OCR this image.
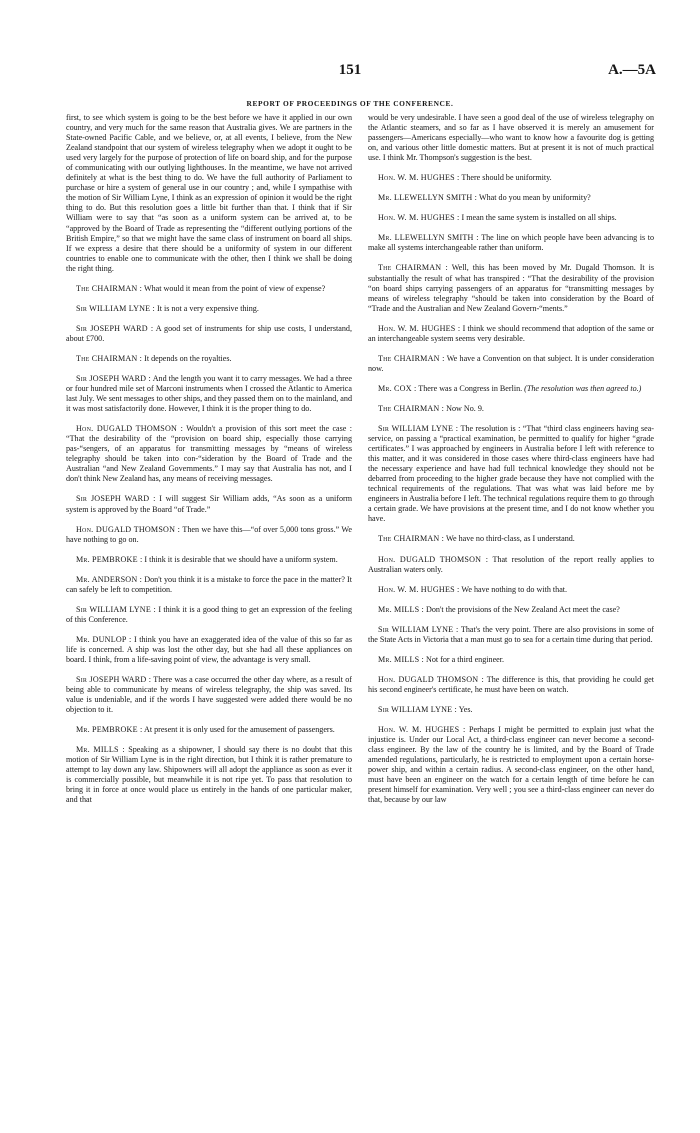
151	A.—5A
REPORT OF PROCEEDINGS OF THE CONFERENCE.

first, to see which system is going to be the best before we have it applied in our own country, and very much for the same reason that Australia gives. We are partners in the State-owned Pacific Cable, and we believe, or, at all events, I believe, from the New Zealand standpoint that our system of wireless telegraphy when we adopt it ought to be used very largely for the purpose of protection of life on board ship, and for the purpose of communicating with our outlying lighthouses. In the meantime, we have not arrived definitely at what is the best thing to do. We have the full authority of Parliament to purchase or hire a system of general use in our country ; and, while I sympathise with the motion of Sir William Lyne, I think as an expression of opinion it would be the right thing to do. But this resolution goes a little bit further than that. I think that if Sir William were to say that “as soon as a uniform system can be arrived at, to be “approved by the Board of Trade as representing the “different outlying portions of the British Empire,” so that we might have the same class of instrument on board all ships. If we express a desire that there should be a uniformity of system in our different countries to enable one to communicate with the other, then I think we shall be doing the right thing.

The CHAIRMAN : What would it mean from the point of view of expense?

Sir WILLIAM LYNE : It is not a very expensive thing.

Sir JOSEPH WARD : A good set of instruments for ship use costs, I understand, about £700.

The CHAIRMAN : It depends on the royalties.

Sir JOSEPH WARD : And the length you want it to carry messages. We had a three or four hundred mile set of Marconi instruments when I crossed the Atlantic to America last July. We sent messages to other ships, and they passed them on to the mainland, and it was most satisfactorily done. However, I think it is the proper thing to do.

Hon. DUGALD THOMSON : Wouldn't a provision of this sort meet the case : “That the desirability of the “provision on board ship, especially those carrying pas-“sengers, of an apparatus for transmitting messages by “means of wireless telegraphy should be taken into con-“sideration by the Board of Trade and the Australian “and New Zealand Governments.” I may say that Australia has not, and I don't think New Zealand has, any means of receiving messages.

Sir JOSEPH WARD : I will suggest Sir William adds, “As soon as a uniform system is approved by the Board “of Trade.”

Hon. DUGALD THOMSON : Then we have this—“of over 5,000 tons gross.” We have nothing to go on.

Mr. PEMBROKE : I think it is desirable that we should have a uniform system.

Mr. ANDERSON : Don't you think it is a mistake to force the pace in the matter? It can safely be left to competition.

Sir WILLIAM LYNE : I think it is a good thing to get an expression of the feeling of this Conference.

Mr. DUNLOP : I think you have an exaggerated idea of the value of this so far as life is concerned. A ship was lost the other day, but she had all these appliances on board. I think, from a life-saving point of view, the advantage is very small.

Sir JOSEPH WARD : There was a case occurred the other day where, as a result of being able to communicate by means of wireless telegraphy, the ship was saved. Its value is undeniable, and if the words I have suggested were added there would be no objection to it.

Mr. PEMBROKE : At present it is only used for the amusement of passengers.

Mr. MILLS : Speaking as a shipowner, I should say there is no doubt that this motion of Sir William Lyne is in the right direction, but I think it is rather premature to attempt to lay down any law. Shipowners will all adopt the appliance as soon as ever it is commercially possible, but meanwhile it is not ripe yet. To pass that resolution to bring it in force at once would place us entirely in the hands of one particular maker, and that

would be very undesirable. I have seen a good deal of the use of wireless telegraphy on the Atlantic steamers, and so far as I have observed it is merely an amusement for passengers—Americans especially—who want to know how a favourite dog is getting on, and various other little domestic matters. But at present it is not of much practical use. I think Mr. Thompson's suggestion is the best.

Hon. W. M. HUGHES : There should be uniformity.

Mr. LLEWELLYN SMITH : What do you mean by uniformity?

Hon. W. M. HUGHES : I mean the same system is installed on all ships.

Mr. LLEWELLYN SMITH : The line on which people have been advancing is to make all systems interchangeable rather than uniform.

The CHAIRMAN : Well, this has been moved by Mr. Dugald Thomson. It is substantially the result of what has transpired : “That the desirability of the provision “on board ships carrying passengers of an apparatus for “transmitting messages by means of wireless telegraphy “should be taken into consideration by the Board of “Trade and the Australian and New Zealand Govern-“ments.”

Hon. W. M. HUGHES : I think we should recommend that adoption of the same or an interchangeable system seems very desirable.

The CHAIRMAN : We have a Convention on that subject. It is under consideration now.

Mr. COX : There was a Congress in Berlin. (The resolution was then agreed to.)

The CHAIRMAN : Now No. 9.

Sir WILLIAM LYNE : The resolution is : “That “third class engineers having sea-service, on passing a “practical examination, be permitted to qualify for higher “grade certificates.” I was approached by engineers in Australia before I left with reference to this matter, and it was considered in those cases where third-class engineers have had the necessary experience and have had full technical knowledge they should not be debarred from proceeding to the higher grade because they have not complied with the technical requirements of the regulations. That was what was laid before me by engineers in Australia before I left. The technical regulations require them to go through a certain grade. We have provisions at the present time, and I do not know whether you have.

The CHAIRMAN : We have no third-class, as I understand.

Hon. DUGALD THOMSON : That resolution of the report really applies to Australian waters only.

Hon. W. M. HUGHES : We have nothing to do with that.

Mr. MILLS : Don't the provisions of the New Zealand Act meet the case?

Sir WILLIAM LYNE : That's the very point. There are also provisions in some of the State Acts in Victoria that a man must go to sea for a certain time during that period.

Mr. MILLS : Not for a third engineer.

Hon. DUGALD THOMSON : The difference is this, that providing he could get his second engineer's certificate, he must have been on watch.

Sir WILLIAM LYNE : Yes.

Hon. W. M. HUGHES : Perhaps I might be permitted to explain just what the injustice is. Under our Local Act, a third-class engineer can never become a second-class engineer. By the law of the country he is limited, and by the Board of Trade amended regulations, particularly, he is restricted to employment upon a certain horse-power ship, and within a certain radius. A second-class engineer, on the other hand, must have been an engineer on the watch for a certain length of time before he can present himself for examination. Very well ; you see a third-class engineer can never do that, because by our law
